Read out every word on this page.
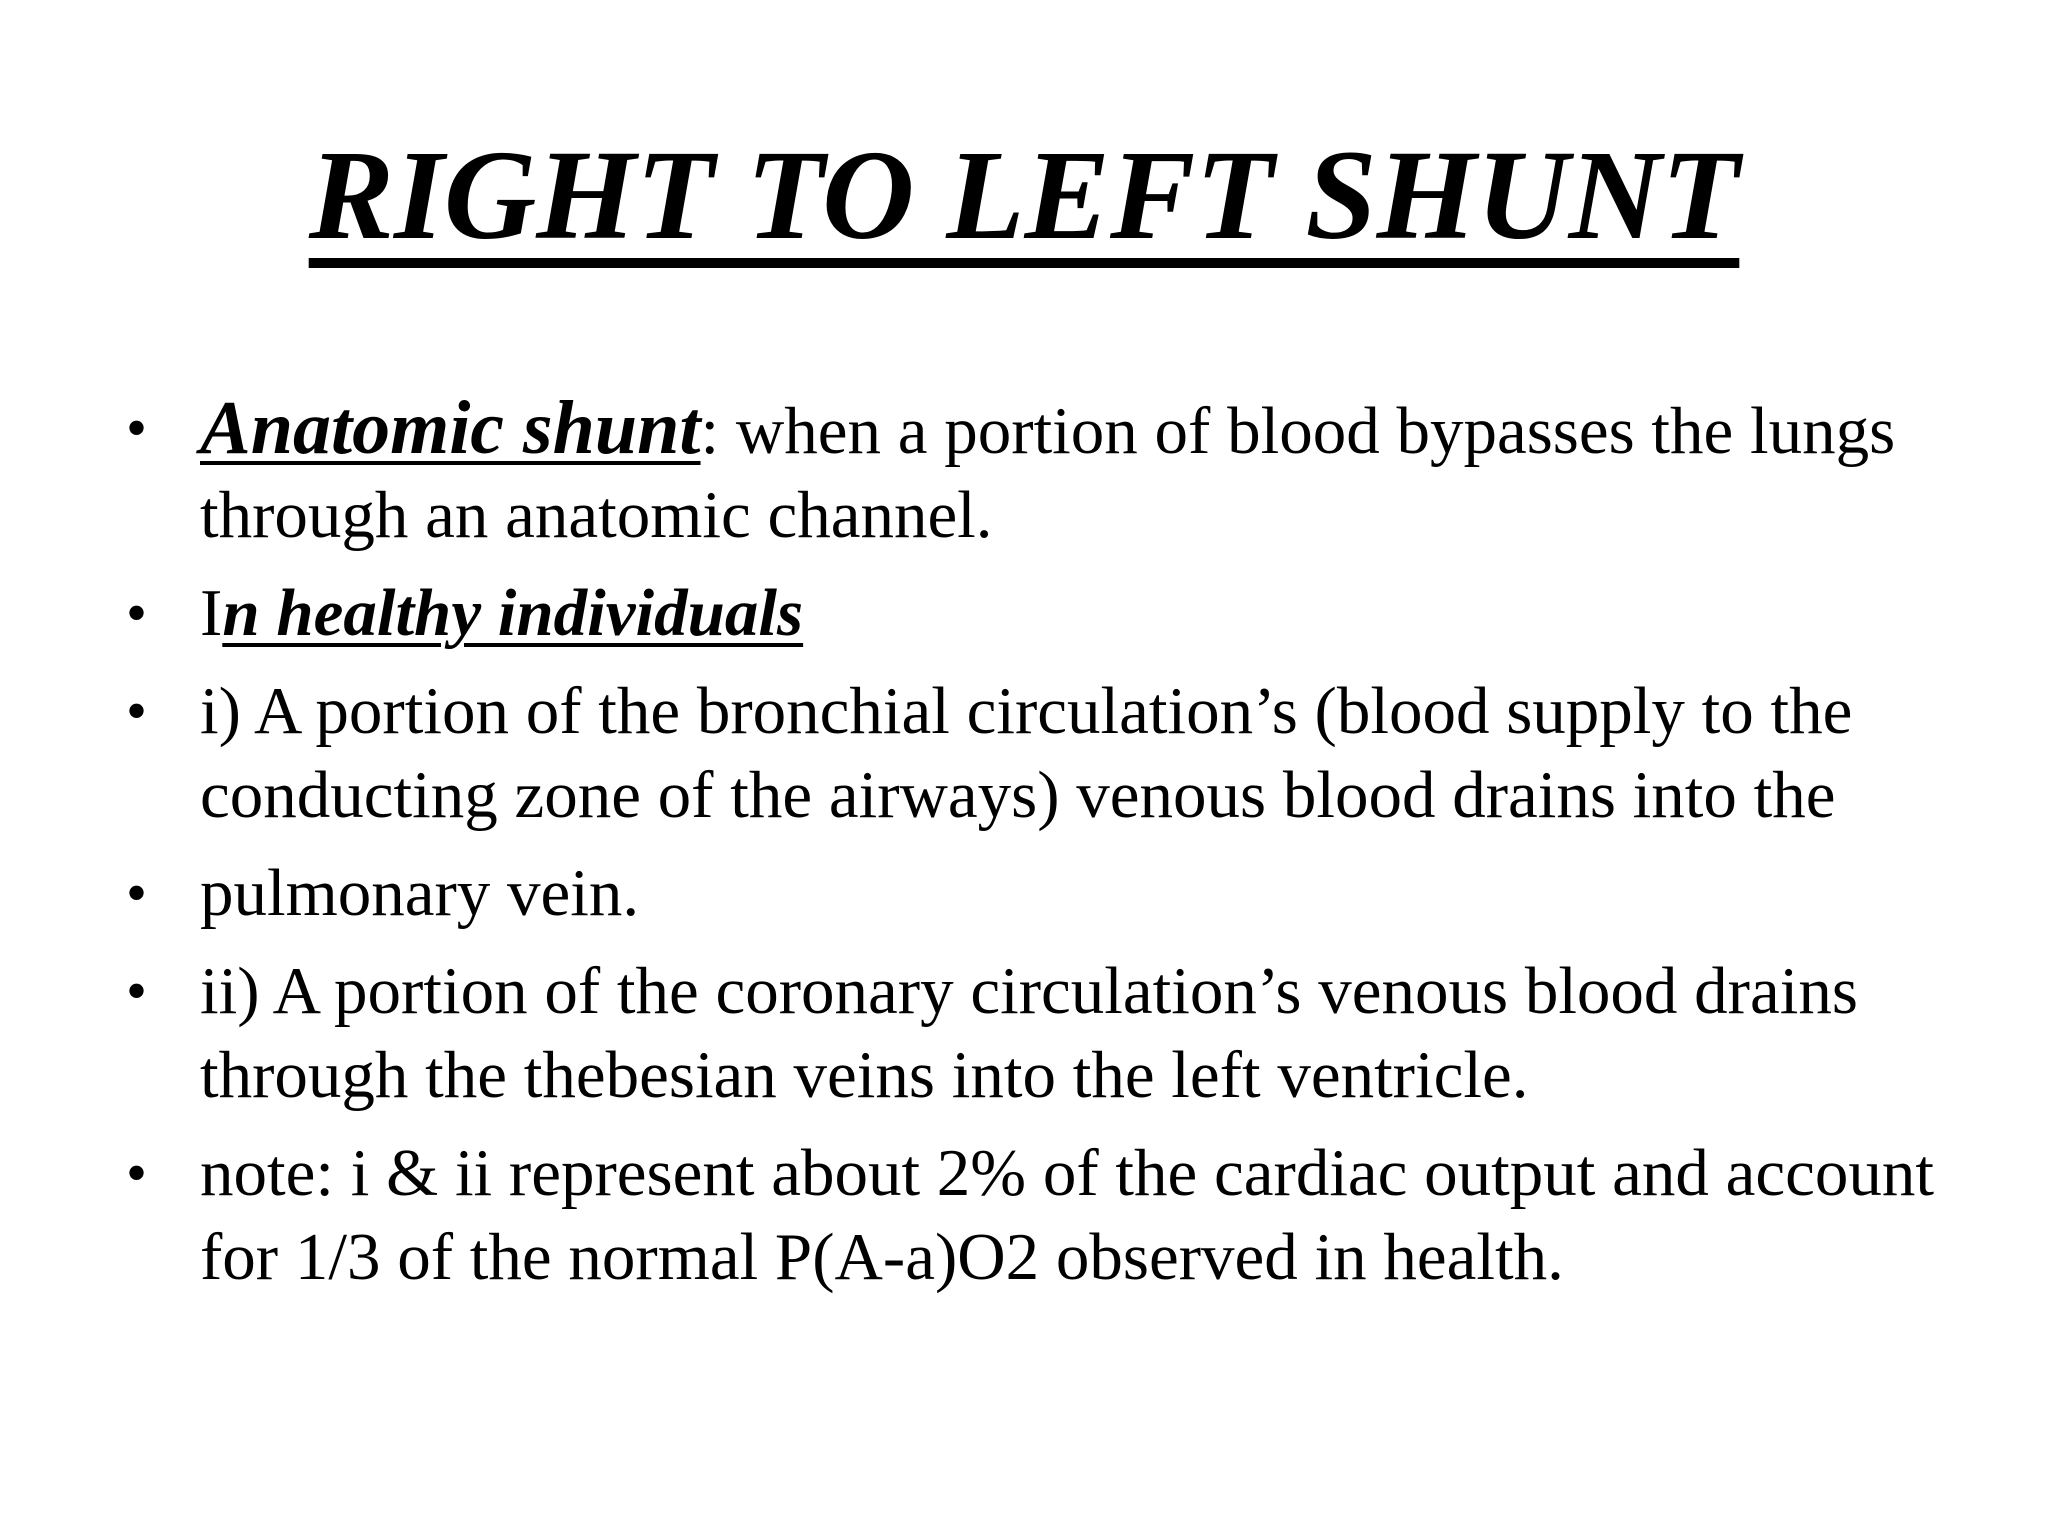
RIGHT TO LEFT SHUNT
• Anatomic shunt: when a portion of blood bypasses the lungs through an anatomic channel.
• In healthy individuals
• i) A portion of the bronchial circulation’s (blood supply to the conducting zone of the airways) venous blood drains into the
• pulmonary vein.
• ii) A portion of the coronary circulation’s venous blood drains through the thebesian veins into the left ventricle.
• note: i & ii represent about 2% of the cardiac output and account for 1/3 of the normal P(A-a)O2 observed in health.
